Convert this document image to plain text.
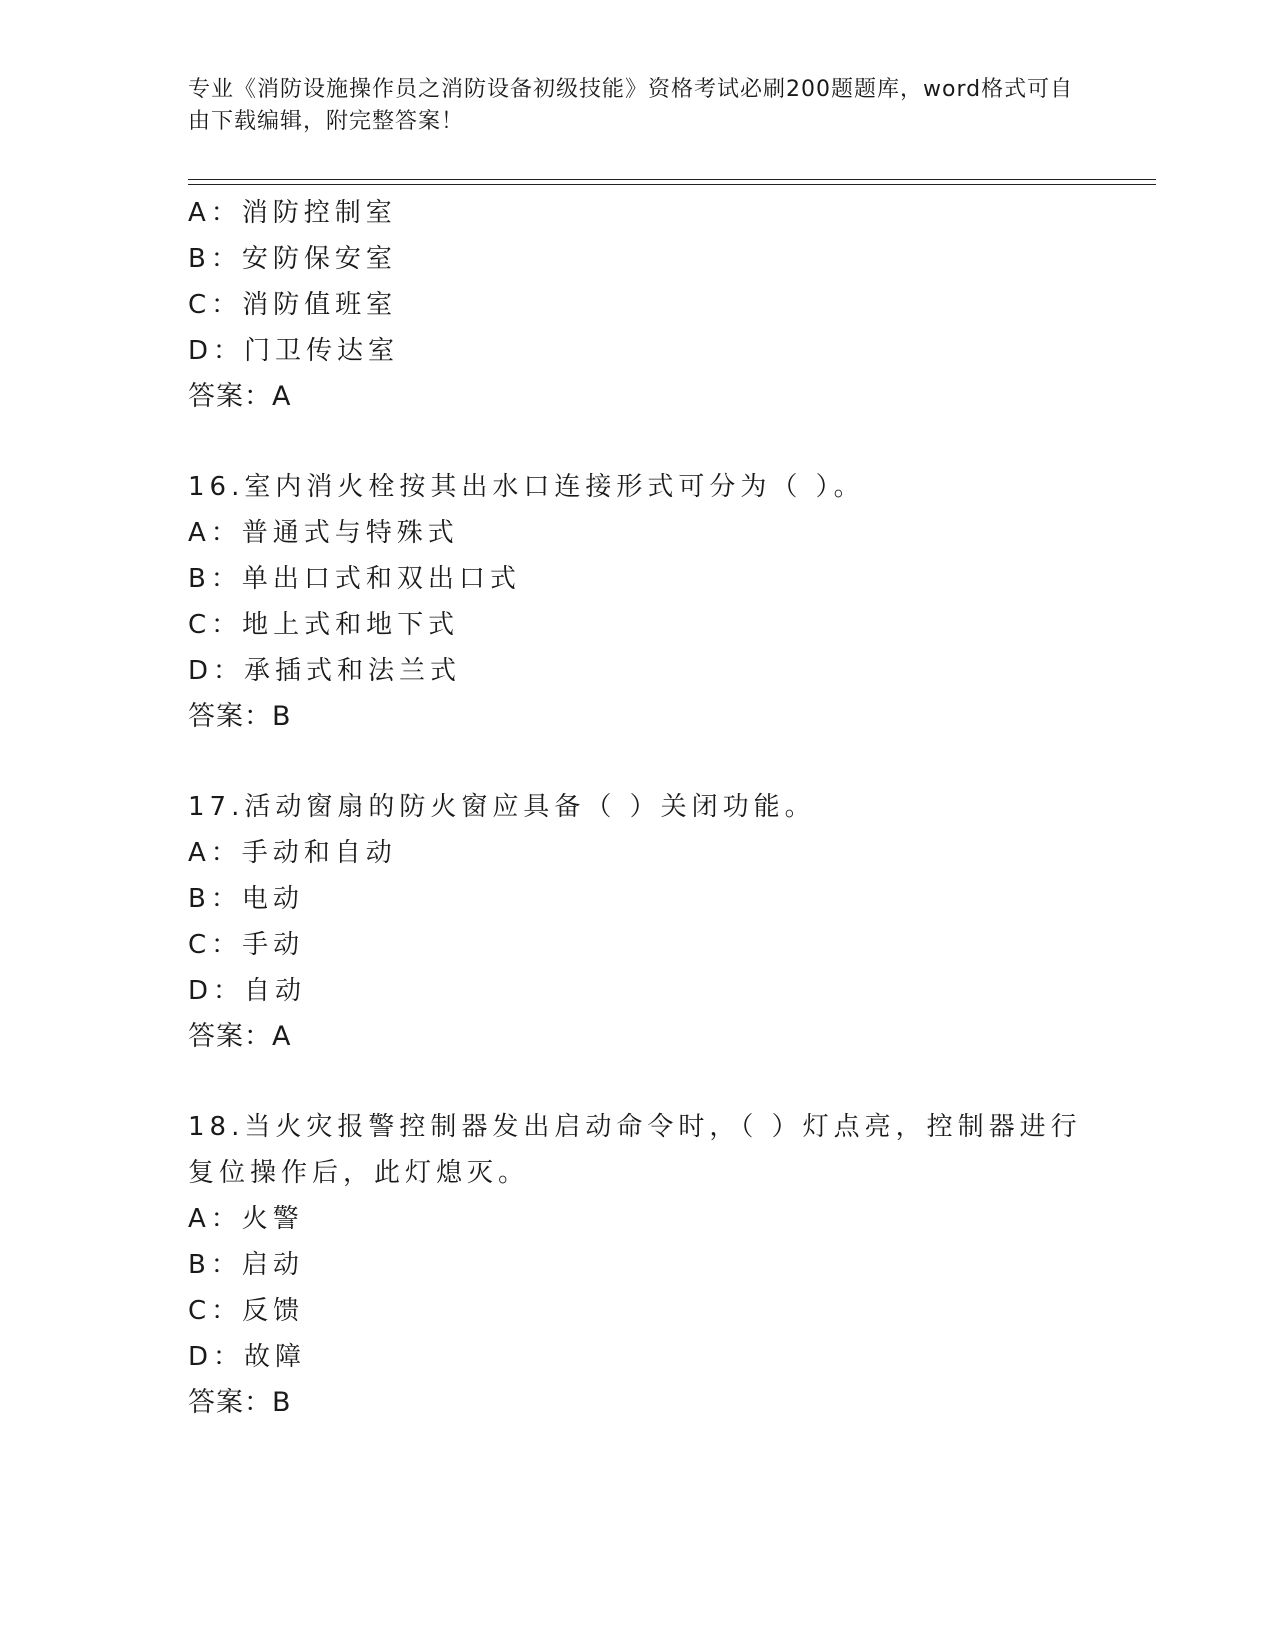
专业《消防设施操作员之消防设备初级技能》资格考试必刷200题题库，word格式可自由下载编辑，附完整答案！
A：消防控制室
B：安防保安室
C：消防值班室
D：门卫传达室
答案：A
16.室内消火栓按其出水口连接形式可分为（ ）。
A：普通式与特殊式
B：单出口式和双出口式
C：地上式和地下式
D：承插式和法兰式
答案：B
17.活动窗扇的防火窗应具备（ ）关闭功能。
A：手动和自动
B：电动
C：手动
D：自动
答案：A
18.当火灾报警控制器发出启动命令时，（ ）灯点亮，控制器进行复位操作后，此灯熄灭。
A：火警
B：启动
C：反馈
D：故障
答案：B
